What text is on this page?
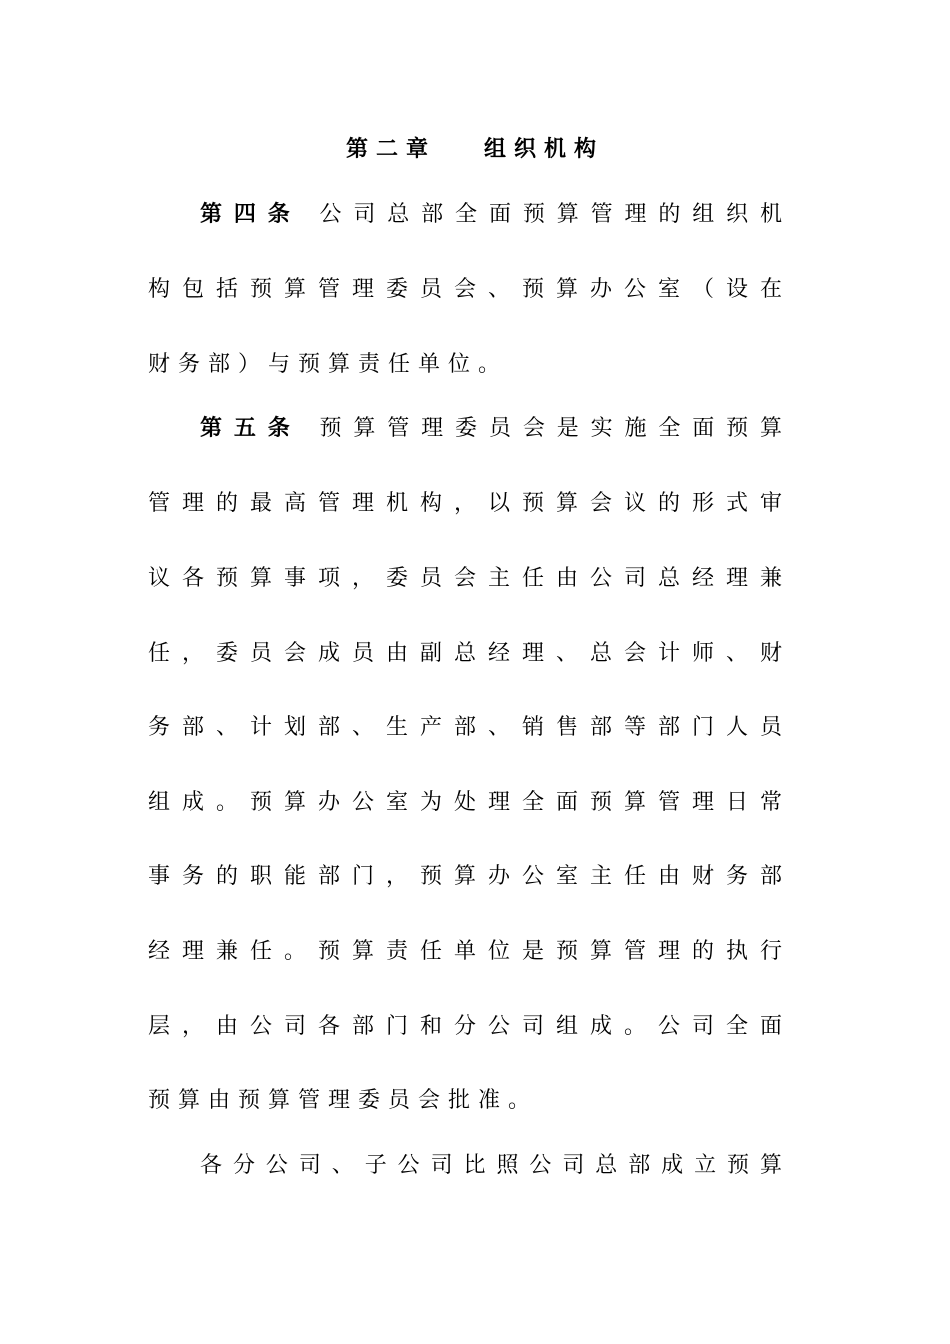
第二章 组织机构
第四条 公司总部全面预算管理的组织机
构包括预算管理委员会、预算办公室（设在
财务部）与预算责任单位。
第五条 预算管理委员会是实施全面预算
管理的最高管理机构，以预算会议的形式审
议各预算事项，委员会主任由公司总经理兼
任，委员会成员由副总经理、总会计师、财
务部、计划部、生产部、销售部等部门人员
组成。预算办公室为处理全面预算管理日常
事务的职能部门，预算办公室主任由财务部
经理兼任。预算责任单位是预算管理的执行
层，由公司各部门和分公司组成。公司全面
预算由预算管理委员会批准。
各分公司、子公司比照公司总部成立预算
